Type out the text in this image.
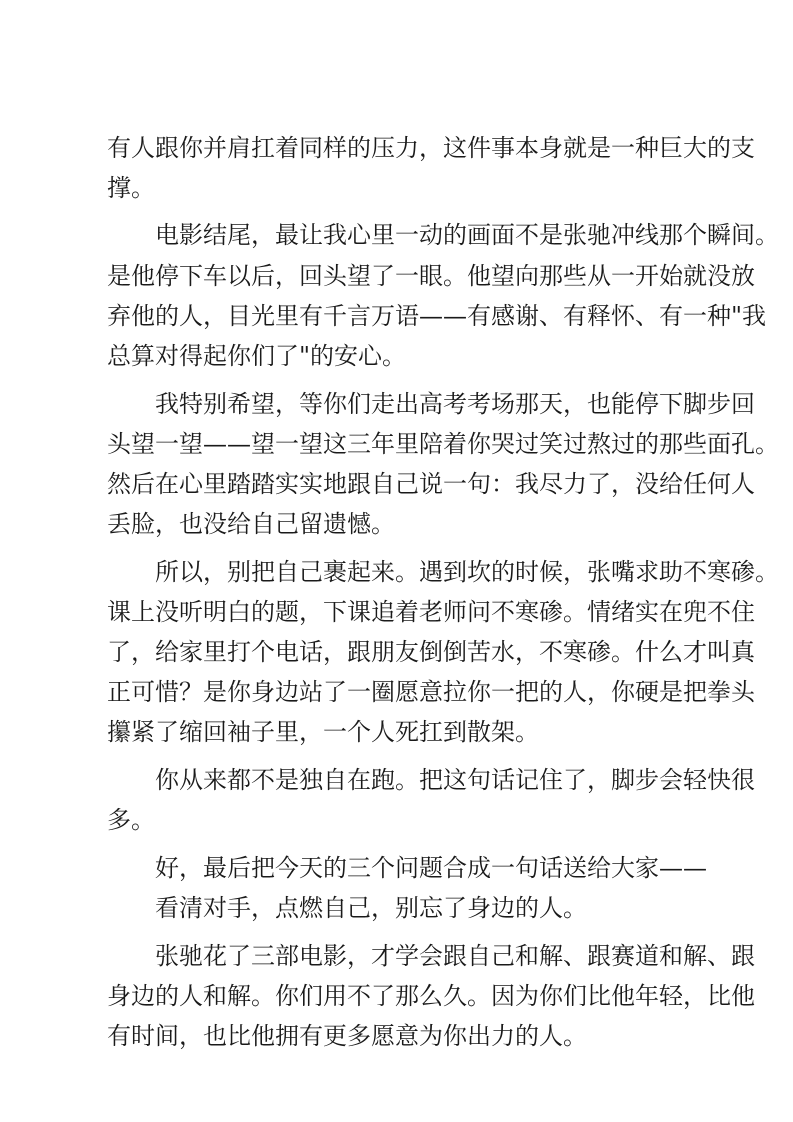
有人跟你并肩扛着同样的压力，这件事本身就是一种巨大的支
撑。
电影结尾，最让我心里一动的画面不是张驰冲线那个瞬间。
是他停下车以后，回头望了一眼。他望向那些从一开始就没放
弃他的人，目光里有千言万语——有感谢、有释怀、有一种"我
总算对得起你们了"的安心。
我特别希望，等你们走出高考考场那天，也能停下脚步回
头望一望——望一望这三年里陪着你哭过笑过熬过的那些面孔。
然后在心里踏踏实实地跟自己说一句：我尽力了，没给任何人
丢脸，也没给自己留遗憾。
所以，别把自己裹起来。遇到坎的时候，张嘴求助不寒碜。
课上没听明白的题，下课追着老师问不寒碜。情绪实在兜不住
了，给家里打个电话，跟朋友倒倒苦水，不寒碜。什么才叫真
正可惜？是你身边站了一圈愿意拉你一把的人，你硬是把拳头
攥紧了缩回袖子里，一个人死扛到散架。
你从来都不是独自在跑。把这句话记住了，脚步会轻快很
多。
好，最后把今天的三个问题合成一句话送给大家——
看清对手，点燃自己，别忘了身边的人。
张驰花了三部电影，才学会跟自己和解、跟赛道和解、跟
身边的人和解。你们用不了那么久。因为你们比他年轻，比他
有时间，也比他拥有更多愿意为你出力的人。
